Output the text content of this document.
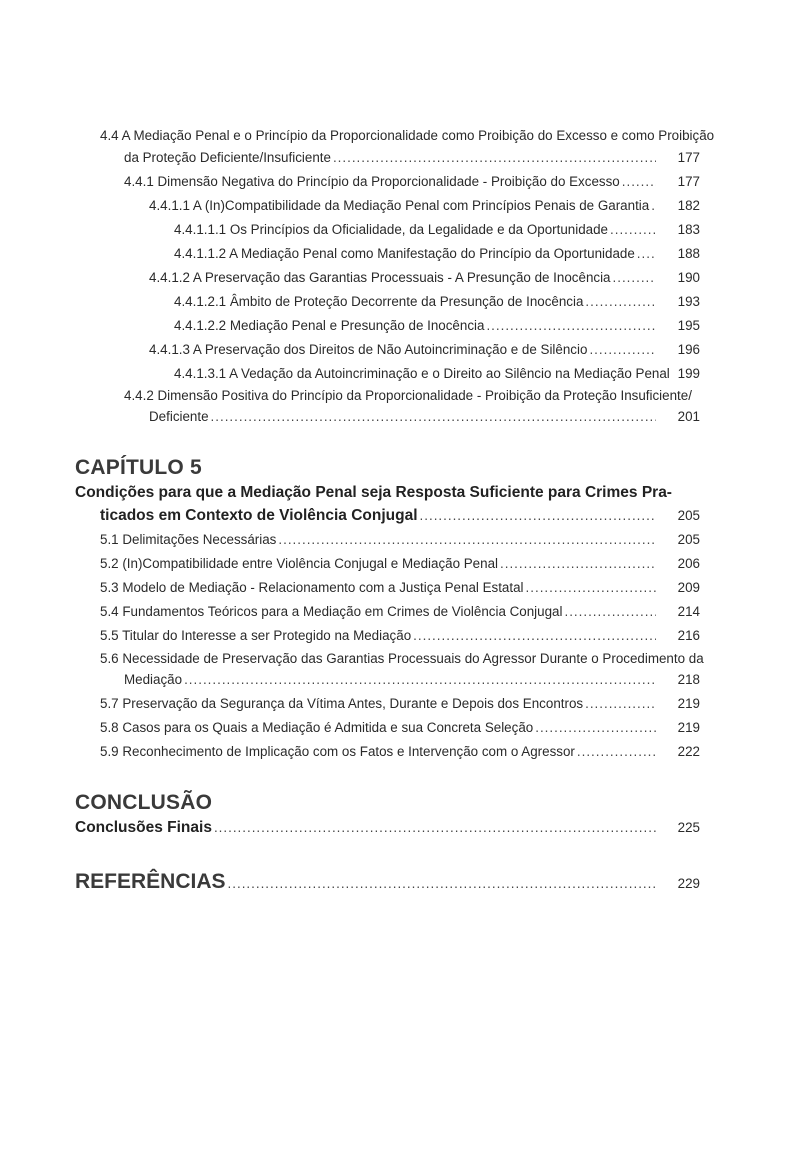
4.4 A Mediação Penal e o Princípio da Proporcionalidade como Proibição do Excesso e como Proibição
da Proteção Deficiente/Insuficiente .....	177
4.4.1 Dimensão Negativa do Princípio da Proporcionalidade - Proibição do Excesso .....	177
4.4.1.1 A (In)Compatibilidade da Mediação Penal com Princípios Penais de Garantia ..... 182
4.4.1.1.1 Os Princípios da Oficialidade, da Legalidade e da Oportunidade .....	183
4.4.1.1.2 A Mediação Penal como Manifestação do Princípio da Oportunidade .....	188
4.4.1.2 A Preservação das Garantias Processuais - A Presunção de Inocência .....	190
4.4.1.2.1 Âmbito de Proteção Decorrente da Presunção de Inocência .....	193
4.4.1.2.2 Mediação Penal e Presunção de Inocência .....	195
4.4.1.3 A Preservação dos Direitos de Não Autoincriminação e de Silêncio .....	196
4.4.1.3.1 A Vedação da Autoincriminação e o Direito ao Silêncio na Mediação Penal 199
4.4.2 Dimensão Positiva do Princípio da Proporcionalidade - Proibição da Proteção Insuficiente/
Deficiente .....	201
CAPÍTULO 5
Condições para que a Mediação Penal seja Resposta Suficiente para Crimes Pra-
ticados em Contexto de Violência Conjugal .....	205
5.1 Delimitações Necessárias .....	205
5.2 (In)Compatibilidade entre Violência Conjugal e Mediação Penal .....	206
5.3 Modelo de Mediação - Relacionamento com a Justiça Penal Estatal .....	209
5.4 Fundamentos Teóricos para a Mediação em Crimes de Violência Conjugal .....	214
5.5 Titular do Interesse a ser Protegido na Mediação .....	216
5.6 Necessidade de Preservação das Garantias Processuais do Agressor Durante o Procedimento da
Mediação .....	218
5.7 Preservação da Segurança da Vítima Antes, Durante e Depois dos Encontros .....	219
5.8 Casos para os Quais a Mediação é Admitida e sua Concreta Seleção .....	219
5.9 Reconhecimento de Implicação com os Fatos e Intervenção com o Agressor .....	222
CONCLUSÃO
Conclusões Finais .....	225
REFERÊNCIAS .....	229
